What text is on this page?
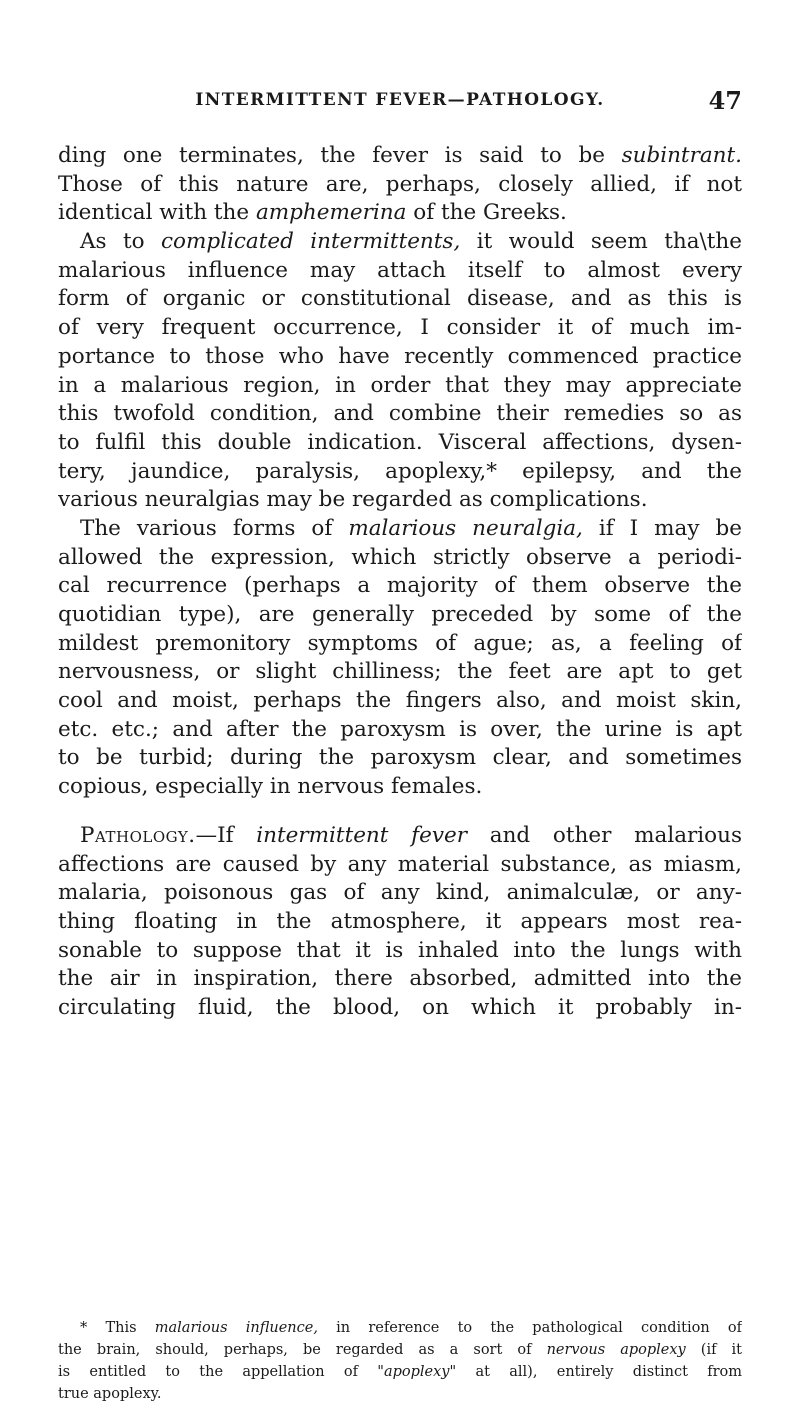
INTERMITTENT FEVER—PATHOLOGY.	47
ding one terminates, the fever is said to be subintrant.
Those of this nature are, perhaps, closely allied, if not
identical with the amphemerina of the Greeks.
As to complicated intermittents, it would seem tha\the
malarious influence may attach itself to almost every
form of organic or constitutional disease, and as this is
of very frequent occurrence, I consider it of much im-
portance to those who have recently commenced practice
in a malarious region, in order that they may appreciate
this twofold condition, and combine their remedies so as
to fulfil this double indication. Visceral affections, dysen-
tery, jaundice, paralysis, apoplexy,* epilepsy, and the
various neuralgias may be regarded as complications.
The various forms of malarious neuralgia, if I may be
allowed the expression, which strictly observe a periodi-
cal recurrence (perhaps a majority of them observe the
quotidian type), are generally preceded by some of the
mildest premonitory symptoms of ague; as, a feeling of
nervousness, or slight chilliness; the feet are apt to get
cool and moist, perhaps the fingers also, and moist skin,
etc. etc.; and after the paroxysm is over, the urine is apt
to be turbid; during the paroxysm clear, and sometimes
copious, especially in nervous females.
Pathology.—If intermittent fever and other malarious
affections are caused by any material substance, as miasm,
malaria, poisonous gas of any kind, animalculæ, or any-
thing floating in the atmosphere, it appears most rea-
sonable to suppose that it is inhaled into the lungs with
the air in inspiration, there absorbed, admitted into the
circulating fluid, the blood, on which it probably in-
* This malarious influence, in reference to the pathological condition of
the brain, should, perhaps, be regarded as a sort of nervous apoplexy (if it
is entitled to the appellation of "apoplexy" at all), entirely distinct from
true apoplexy.
